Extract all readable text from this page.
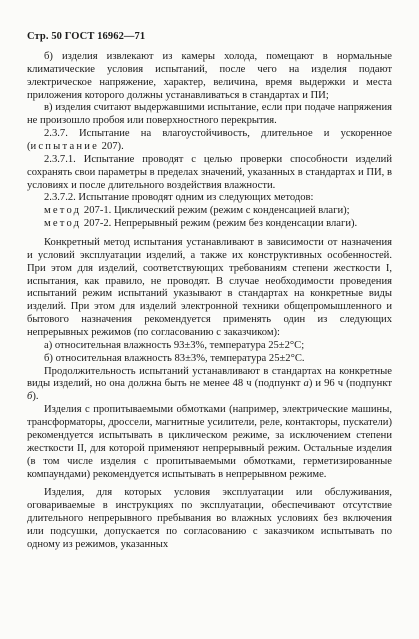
Стр. 50 ГОСТ 16962—71

б) изделия извлекают из камеры холода, помещают в нормальные климатические условия испытаний, после чего на изделия подают электрическое напряжение, характер, величина, время выдержки и места приложения которого должны устанавливаться в стандартах и ПИ;

в) изделия считают выдержавшими испытание, если при подаче напряжения не произошло пробоя или поверхностного перекрытия.

2.3.7. Испытание на влагоустойчивость, длительное и ускоренное (испытание 207).

2.3.7.1. Испытание проводят с целью проверки способности изделий сохранять свои параметры в пределах значений, указанных в стандартах и ПИ, в условиях и после длительного воздействия влажности.

2.3.7.2. Испытание проводят одним из следующих методов:

метод 207-1. Циклический режим (режим с конденсацией влаги);

метод 207-2. Непрерывный режим (режим без конденсации влаги).

Конкретный метод испытания устанавливают в зависимости от назначения и условий эксплуатации изделий, а также их конструктивных особенностей. При этом для изделий, соответствующих требованиям степени жесткости I, испытания, как правило, не проводят. В случае необходимости проведения испытаний режим испытаний указывают в стандартах на конкретные виды изделий. При этом для изделий электронной техники общепромышленного и бытового назначения рекомендуется применять один из следующих непрерывных режимов (по согласованию с заказчиком):

а) относительная влажность 93±3%, температура 25±2°С;

б) относительная влажность 83±3%, температура 25±2°С.

Продолжительность испытаний устанавливают в стандартах на конкретные виды изделий, но она должна быть не менее 48 ч (подпункт а) и 96 ч (подпункт б).

Изделия с пропитываемыми обмотками (например, электрические машины, трансформаторы, дроссели, магнитные усилители, реле, контакторы, пускатели) рекомендуется испытывать в циклическом режиме, за исключением степени жесткости II, для которой применяют непрерывный режим. Остальные изделия (в том числе изделия с пропитываемыми обмотками, герметизированные компаундами) рекомендуется испытывать в непрерывном режиме.

Изделия, для которых условия эксплуатации или обслуживания, оговариваемые в инструкциях по эксплуатации, обеспечивают отсутствие длительного непрерывного пребывания во влажных условиях без включения или подсушки, допускается по согласованию с заказчиком испытывать по одному из режимов, указанных
